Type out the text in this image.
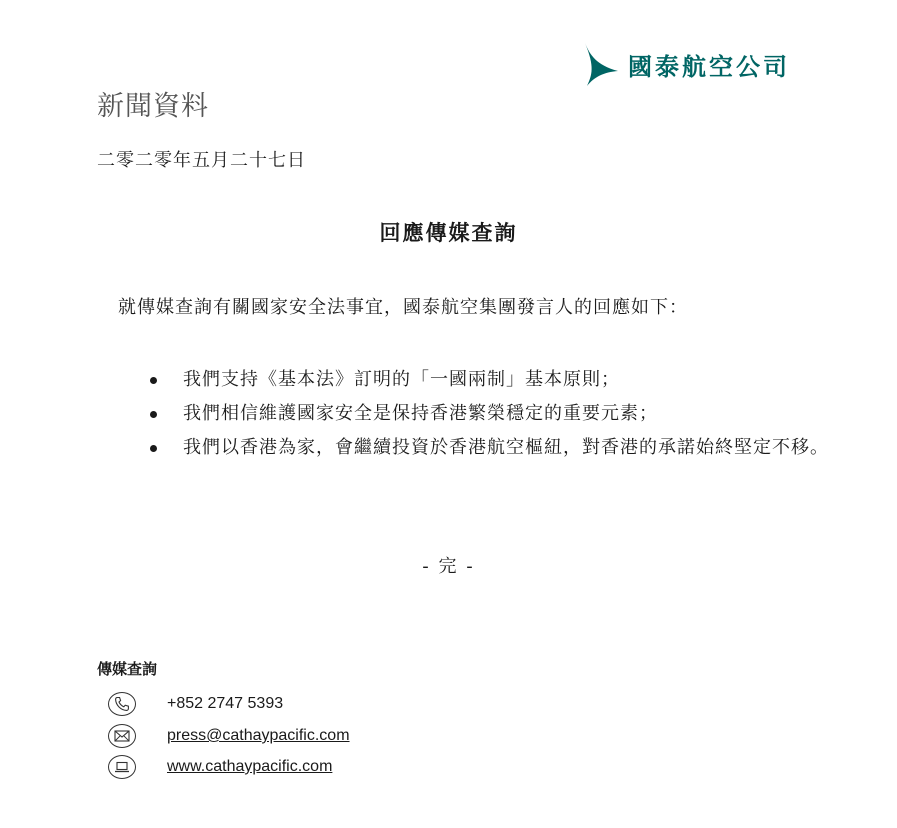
國泰航空公司
新聞資料
二零二零年五月二十七日
回應傳媒查詢
就傳媒查詢有關國家安全法事宜，國泰航空集團發言人的回應如下：
我們支持《基本法》訂明的「一國兩制」基本原則；
我們相信維護國家安全是保持香港繁榮穩定的重要元素；
我們以香港為家，會繼續投資於香港航空樞紐，對香港的承諾始終堅定不移。
- 完 -
傳媒查詢
+852 2747 5393
press@cathaypacific.com
www.cathaypacific.com
